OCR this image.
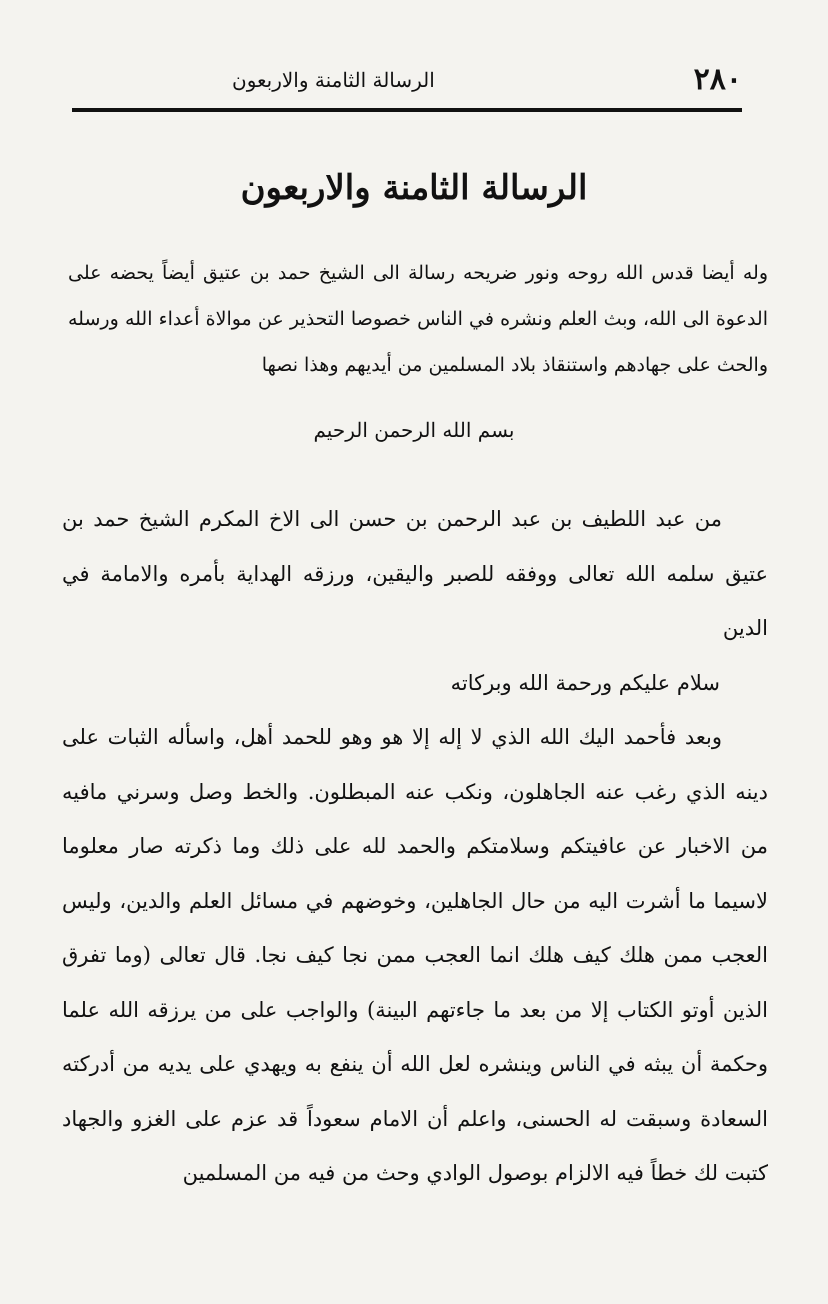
٢٨٠
الرسالة الثامنة والاربعون
الرسالة الثامنة والاربعون
وله أيضا قدس الله روحه ونور ضريحه رسالة الى الشيخ حمد بن عتيق أيضاً يحضه على الدعوة الى الله، وبث العلم ونشره في الناس خصوصا التحذير عن موالاة أعداء الله ورسله والحث على جهادهم واستنقاذ بلاد المسلمين من أيديهم وهذا نصها
بسم الله الرحمن الرحيم

من عبد اللطيف بن عبد الرحمن بن حسن الى الاخ المكرم الشيخ حمد بن عتيق سلمه الله تعالى ووفقه للصبر واليقين، ورزقه الهداية بأمره والامامة في الدين

سلام عليكم ورحمة الله وبركاته

وبعد فأحمد اليك الله الذي لا إله إلا هو وهو للحمد أهل، واسأله الثبات على دينه الذي رغب عنه الجاهلون، ونكب عنه المبطلون. والخط وصل وسرني مافيه من الاخبار عن عافيتكم وسلامتكم والحمد لله على ذلك وما ذكرته صار معلوما لاسيما ما أشرت اليه من حال الجاهلين، وخوضهم في مسائل العلم والدين، وليس العجب ممن هلك كيف هلك انما العجب ممن نجا كيف نجا. قال تعالى (وما تفرق الذين أوتو الكتاب إلا من بعد ما جاءتهم البينة) والواجب على من يرزقه الله علما وحكمة أن يبثه في الناس وينشره لعل الله أن ينفع به ويهدي على يديه من أدركته السعادة وسبقت له الحسنى، واعلم أن الامام سعوداً قد عزم على الغزو والجهاد كتبت لك خطاً فيه الالزام بوصول الوادي وحث من فيه من المسلمين
